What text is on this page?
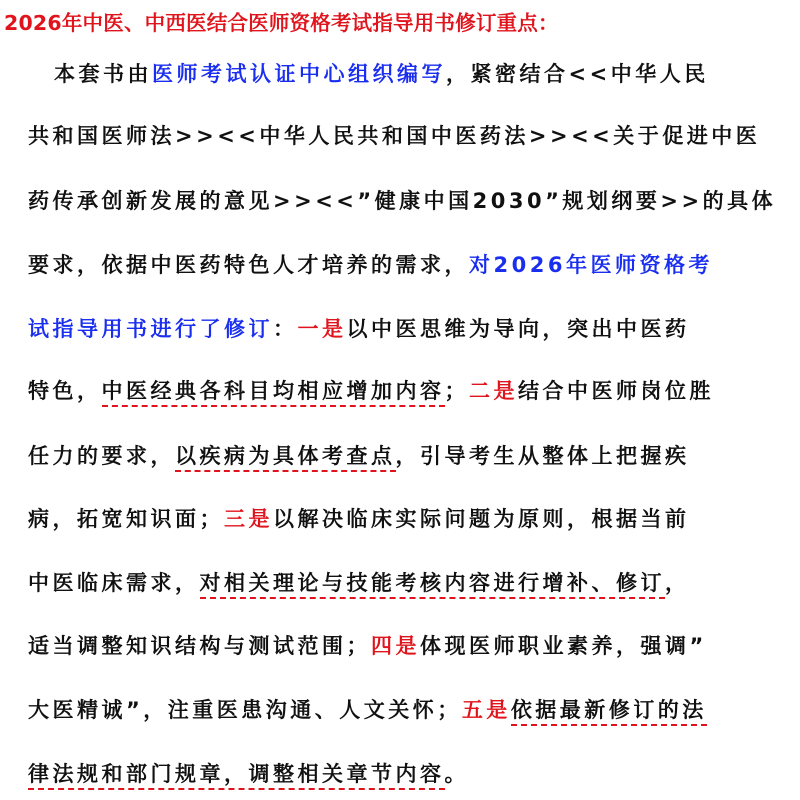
2026年中医、中西医结合医师资格考试指导用书修订重点：
本套书由医师考试认证中心组织编写，紧密结合<<中华人民
共和国医师法>><<中华人民共和国中医药法>><<关于促进中医
药传承创新发展的意见>><<”健康中国2030”规划纲要>>的具体
要求，依据中医药特色人才培养的需求，对2026年医师资格考
试指导用书进行了修订：一是以中医思维为导向，突出中医药
特色，中医经典各科目均相应增加内容；二是结合中医师岗位胜
任力的要求，以疾病为具体考查点，引导考生从整体上把握疾
病，拓宽知识面；三是以解决临床实际问题为原则，根据当前
中医临床需求，对相关理论与技能考核内容进行增补、修订，
适当调整知识结构与测试范围；四是体现医师职业素养，强调”
大医精诚”，注重医患沟通、人文关怀；五是依据最新修订的法
律法规和部门规章，调整相关章节内容。
